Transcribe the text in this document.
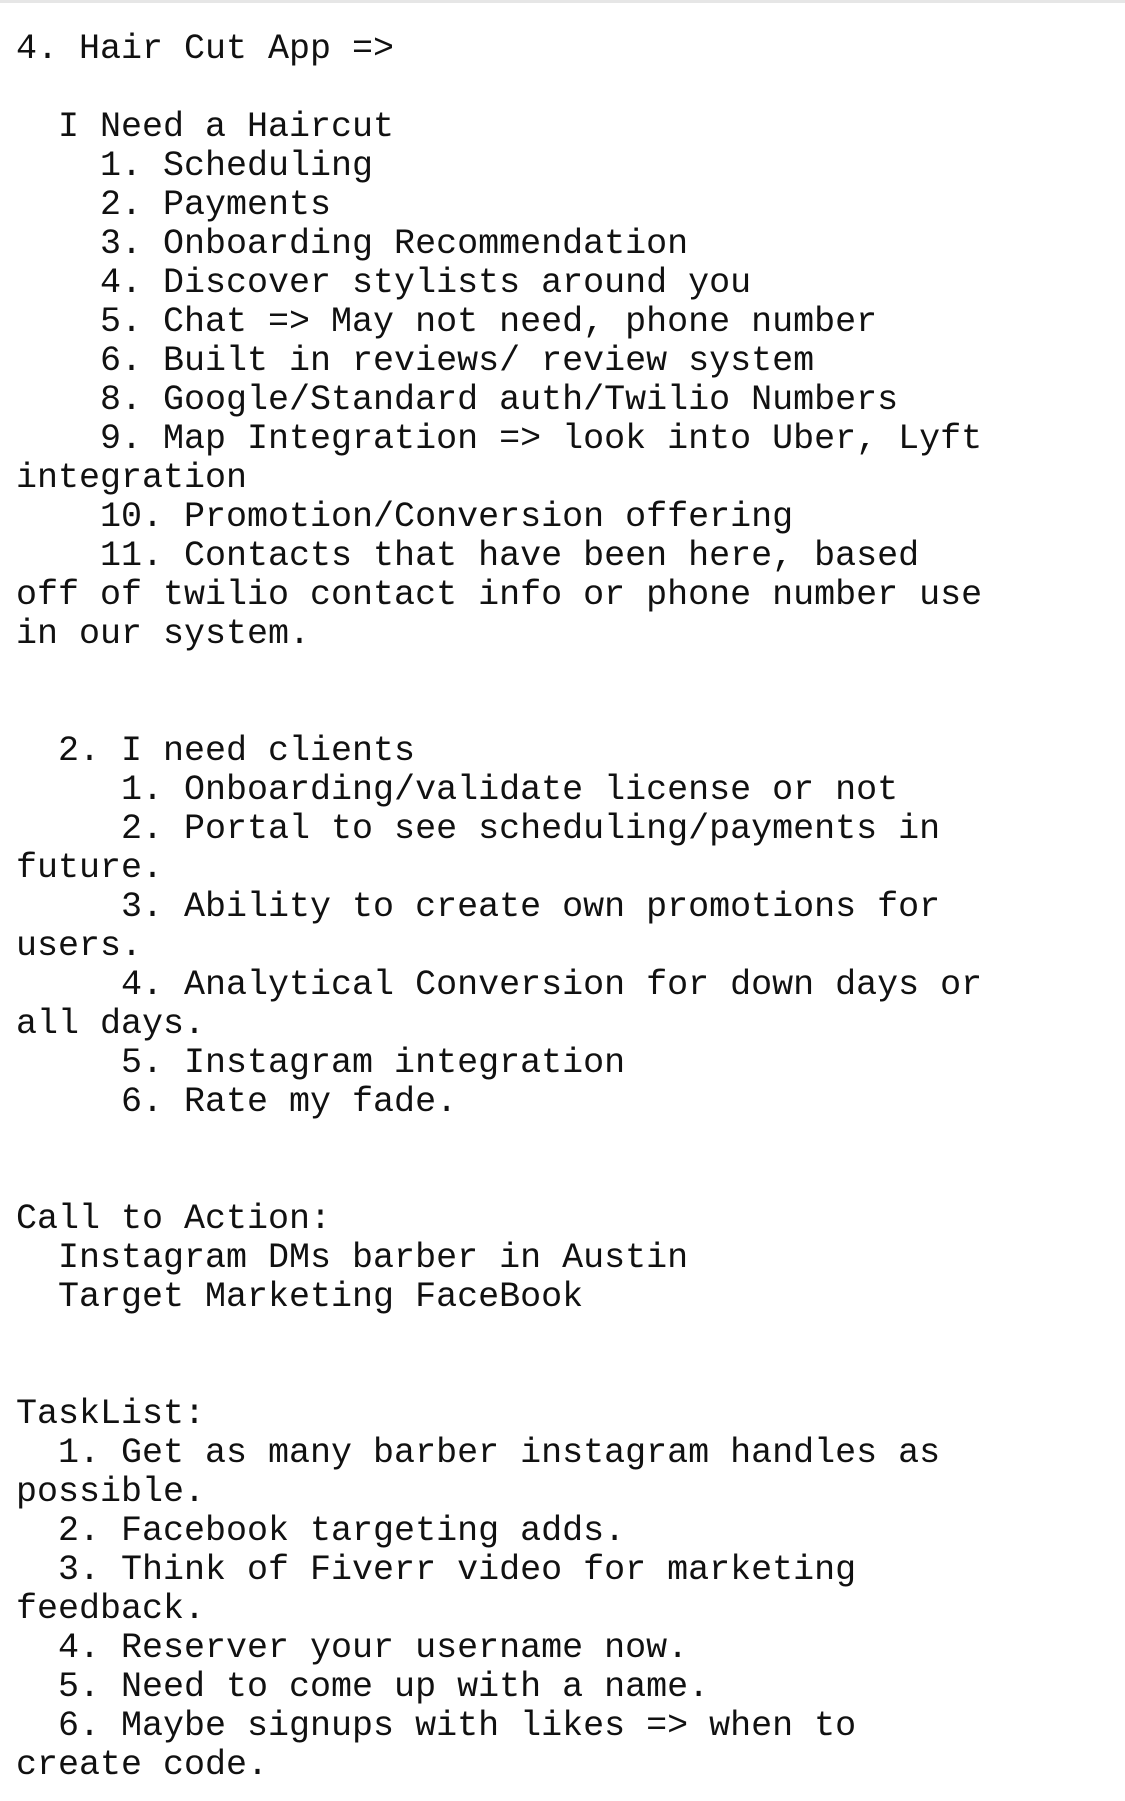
4. Hair Cut App =>
I Need a Haircut
1. Scheduling
2. Payments
3. Onboarding Recommendation
4. Discover stylists around you
5. Chat => May not need, phone number
6. Built in reviews/ review system
8. Google/Standard auth/Twilio Numbers
9. Map Integration => look into Uber, Lyft
integration
10. Promotion/Conversion offering
11. Contacts that have been here, based
off of twilio contact info or phone number use
in our system.
2. I need clients
1. Onboarding/validate license or not
2. Portal to see scheduling/payments in
future.
3. Ability to create own promotions for
users.
4. Analytical Conversion for down days or
all days.
5. Instagram integration
6. Rate my fade.
Call to Action:
Instagram DMs barber in Austin
Target Marketing FaceBook
TaskList:
1. Get as many barber instagram handles as
possible.
2. Facebook targeting adds.
3. Think of Fiverr video for marketing
feedback.
4. Reserver your username now.
5. Need to come up with a name.
6. Maybe signups with likes => when to
create code.
